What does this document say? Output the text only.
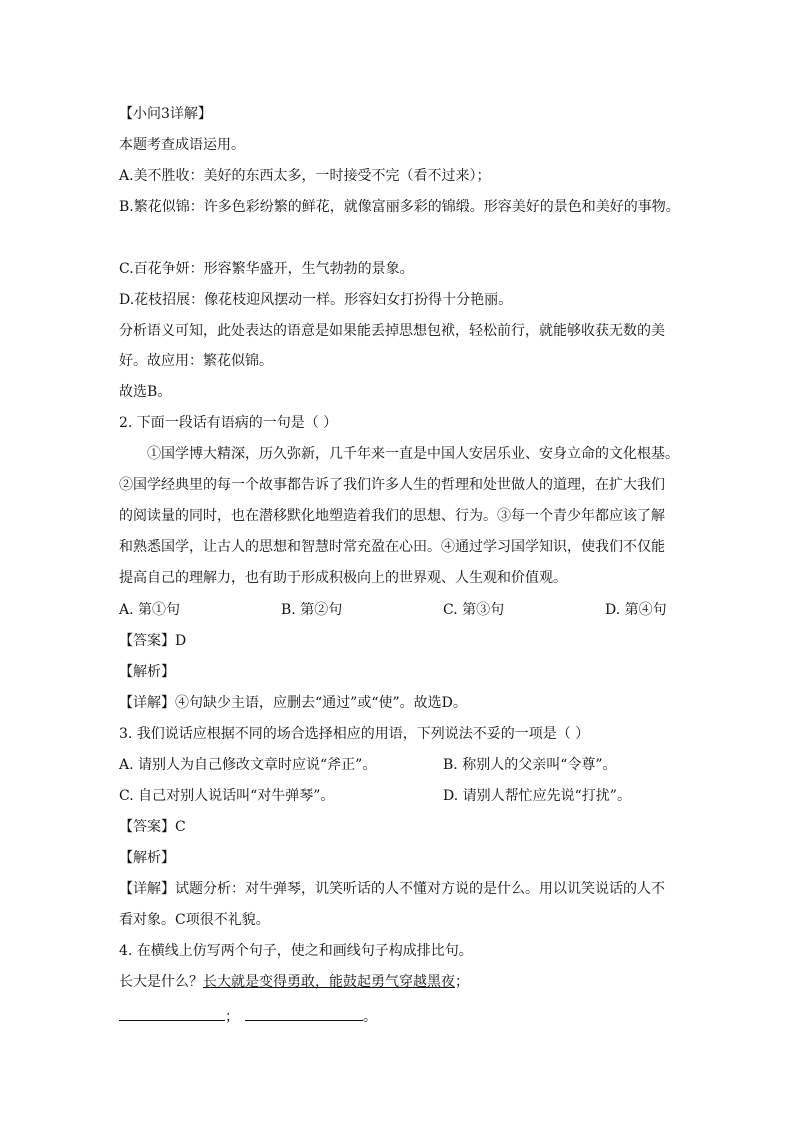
【小问3详解】
本题考查成语运用。
A.美不胜收：美好的东西太多，一时接受不完（看不过来）；
B.繁花似锦：许多色彩纷繁的鲜花，就像富丽多彩的锦缎。形容美好的景色和美好的事物。
C.百花争妍：形容繁华盛开，生气勃勃的景象。
D.花枝招展：像花枝迎风摆动一样。形容妇女打扮得十分艳丽。
分析语义可知，此处表达的语意是如果能丢掉思想包袱，轻松前行，就能够收获无数的美
好。故应用：繁花似锦。
故选B。
2. 下面一段话有语病的一句是（ ）
①国学博大精深，历久弥新，几千年来一直是中国人安居乐业、安身立命的文化根基。
②国学经典里的每一个故事都告诉了我们许多人生的哲理和处世做人的道理，在扩大我们
的阅读量的同时，也在潜移默化地塑造着我们的思想、行为。③每一个青少年都应该了解
和熟悉国学，让古人的思想和智慧时常充盈在心田。④通过学习国学知识，使我们不仅能
提高自己的理解力，也有助于形成积极向上的世界观、人生观和价值观。
A. 第①句	B. 第②句	C. 第③句	D. 第④句
【答案】D
【解析】
【详解】④句缺少主语，应删去“通过”或“使”。故选D。
3. 我们说话应根据不同的场合选择相应的用语，下列说法不妥的一项是（ ）
A. 请别人为自己修改文章时应说“斧正”。	B. 称别人的父亲叫“令尊”。
C. 自己对别人说话叫“对牛弹琴”。	D. 请别人帮忙应先说“打扰”。
【答案】C
【解析】
【详解】试题分析：对牛弹琴，讥笑听话的人不懂对方说的是什么。用以讥笑说话的人不
看对象。C项很不礼貌。
4. 在横线上仿写两个句子，使之和画线句子构成排比句。
长大是什么？长大就是变得勇敢，能鼓起勇气穿越黑夜；
；	。
